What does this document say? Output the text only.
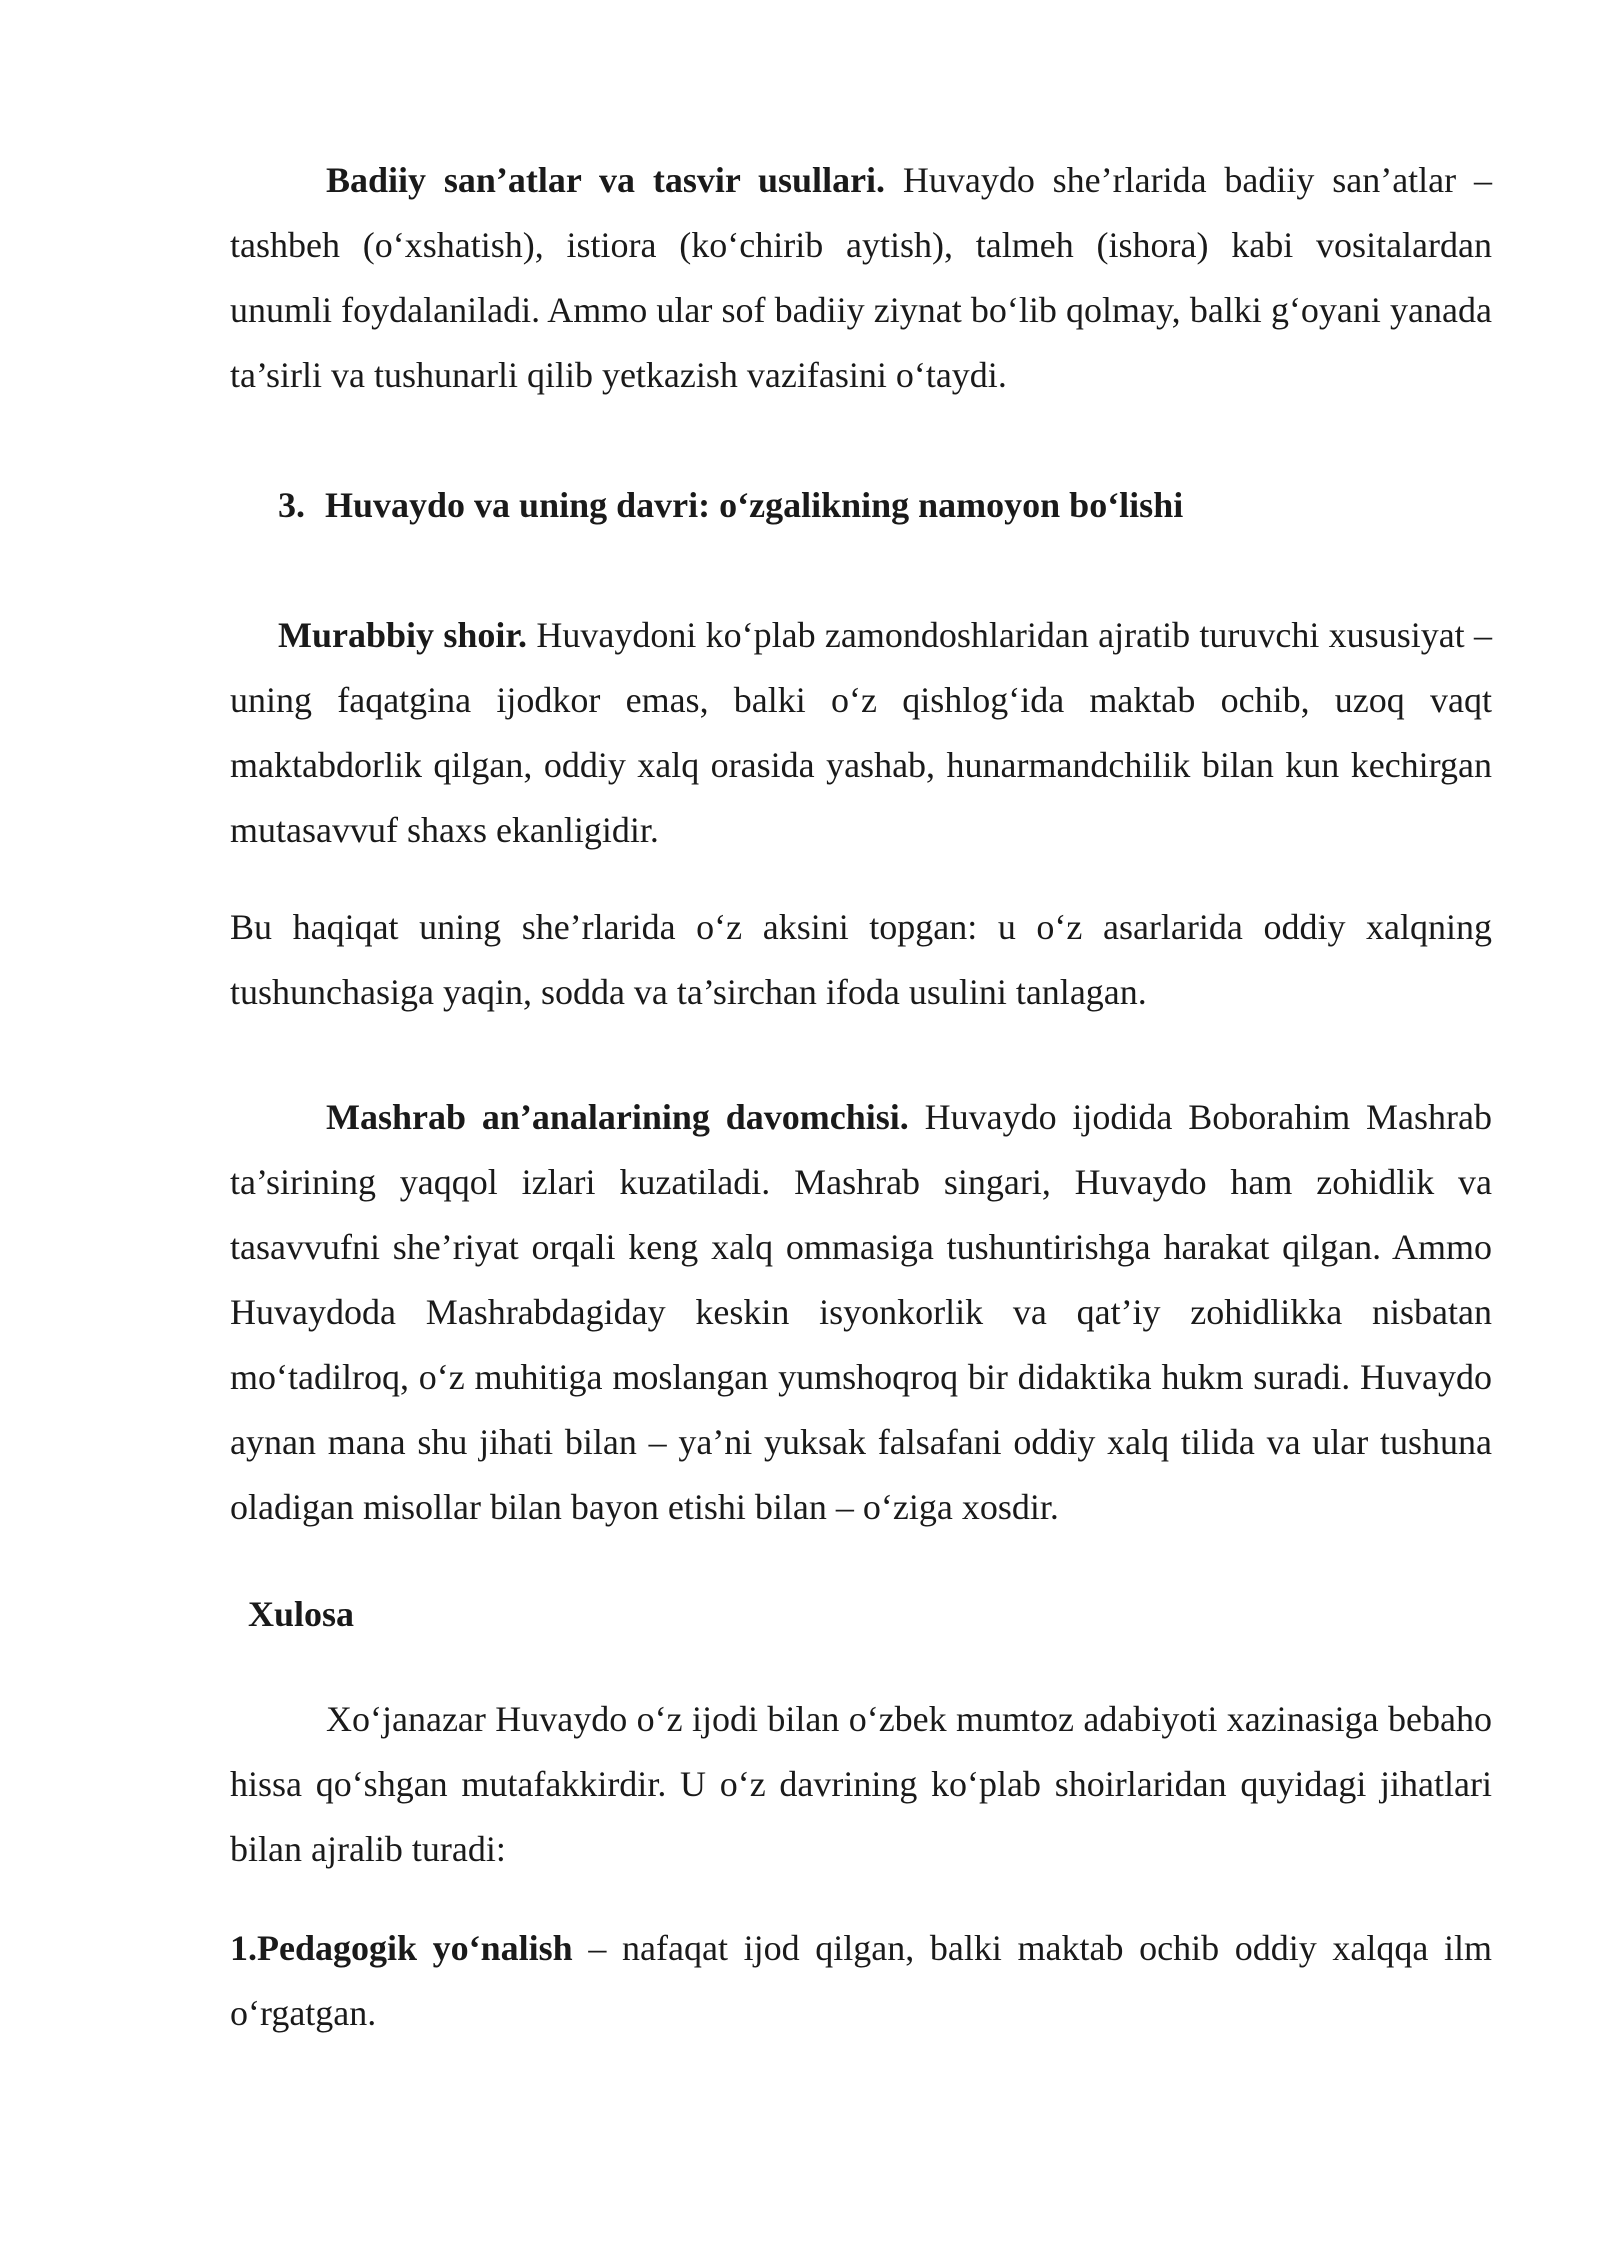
Badiiy san’atlar va tasvir usullari. Huvaydo she’rlarida badiiy san’atlar – tashbeh (o‘xshatish), istiora (ko‘chirib aytish), talmeh (ishora) kabi vositalardan unumli foydalaniladi. Ammo ular sof badiiy ziynat bo‘lib qolmay, balki g‘oyani yanada ta’sirli va tushunarli qilib yetkazish vazifasini o‘taydi.

3. Huvaydo va uning davri: o‘zgalikning namoyon bo‘lishi

Murabbiy shoir. Huvaydoni ko‘plab zamondoshlaridan ajratib turuvchi xususiyat – uning faqatgina ijodkor emas, balki o‘z qishlog‘ida maktab ochib, uzoq vaqt maktabdorlik qilgan, oddiy xalq orasida yashab, hunarmandchilik bilan kun kechirgan mutasavvuf shaxs ekanligidir.

Bu haqiqat uning she’rlarida o‘z aksini topgan: u o‘z asarlarida oddiy xalqning tushunchasiga yaqin, sodda va ta’sirchan ifoda usulini tanlagan.

Mashrab an’analarining davomchisi. Huvaydo ijodida Boborahim Mashrab ta’sirining yaqqol izlari kuzatiladi. Mashrab singari, Huvaydo ham zohidlik va tasavvufni she’riyat orqali keng xalq ommasiga tushuntirishga harakat qilgan. Ammo Huvaydoda Mashrabdagiday keskin isyonkorlik va qat’iy zohidlikka nisbatan mo‘tadilroq, o‘z muhitiga moslangan yumshoqroq bir didaktika hukm suradi. Huvaydo aynan mana shu jihati bilan – ya’ni yuksak falsafani oddiy xalq tilida va ular tushuna oladigan misollar bilan bayon etishi bilan – o‘ziga xosdir.

Xulosa

Xo‘janazar Huvaydo o‘z ijodi bilan o‘zbek mumtoz adabiyoti xazinasiga bebaho hissa qo‘shgan mutafakkirdir. U o‘z davrining ko‘plab shoirlaridan quyidagi jihatlari bilan ajralib turadi:

1.Pedagogik yo‘nalish – nafaqat ijod qilgan, balki maktab ochib oddiy xalqqa ilm o‘rgatgan.
